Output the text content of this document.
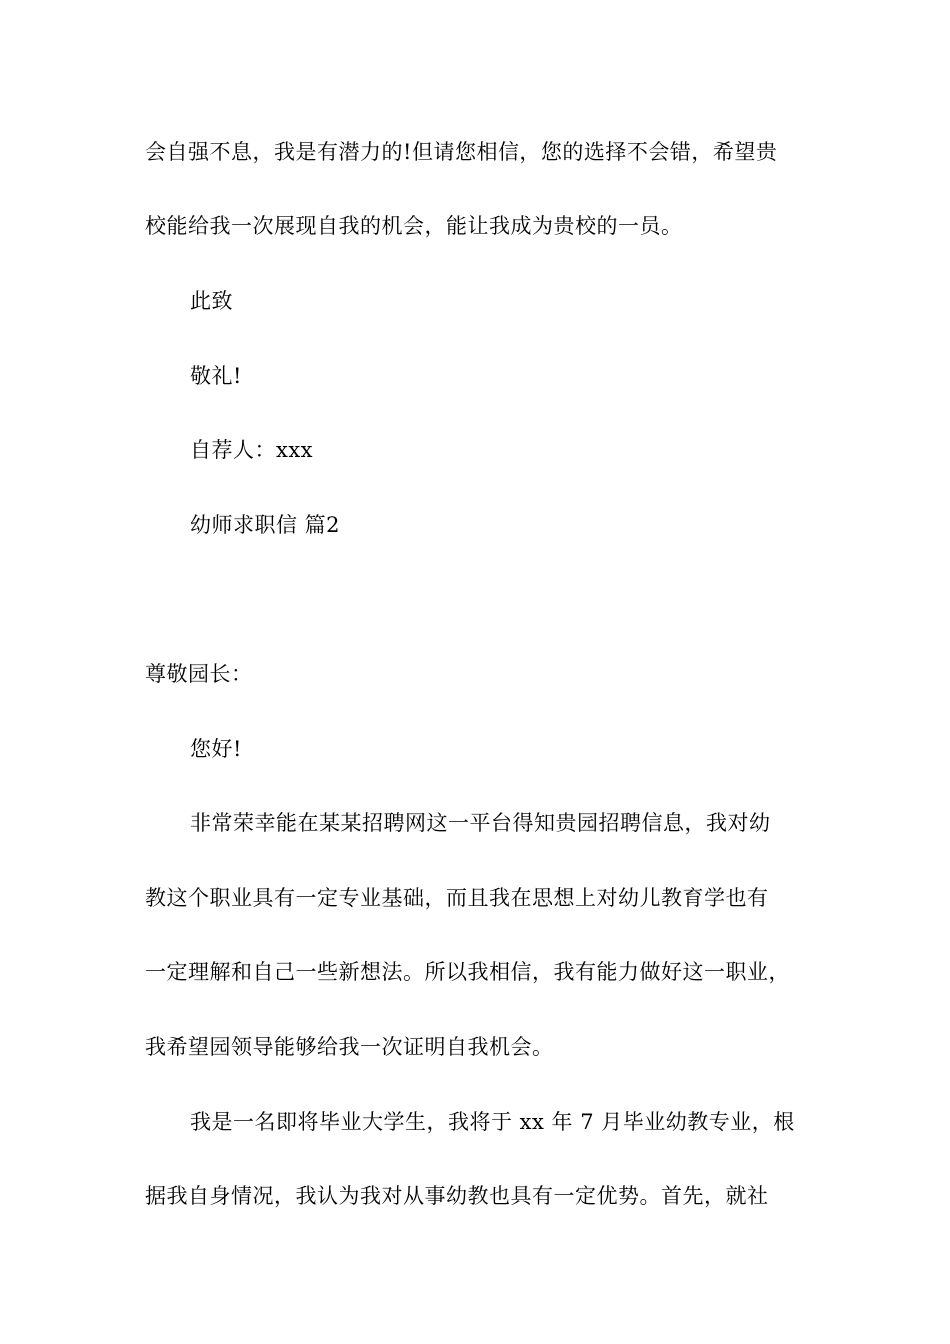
会自强不息，我是有潜力的!但请您相信，您的选择不会错，希望贵
校能给我一次展现自我的机会，能让我成为贵校的一员。
此致
敬礼!
自荐人：xxx
幼师求职信 篇2
尊敬园长：
您好!
非常荣幸能在某某招聘网这一平台得知贵园招聘信息，我对幼
教这个职业具有一定专业基础，而且我在思想上对幼儿教育学也有
一定理解和自己一些新想法。所以我相信，我有能力做好这一职业，
我希望园领导能够给我一次证明自我机会。
我是一名即将毕业大学生，我将于 xx 年 7 月毕业幼教专业，根
据我自身情况，我认为我对从事幼教也具有一定优势。首先，就社
